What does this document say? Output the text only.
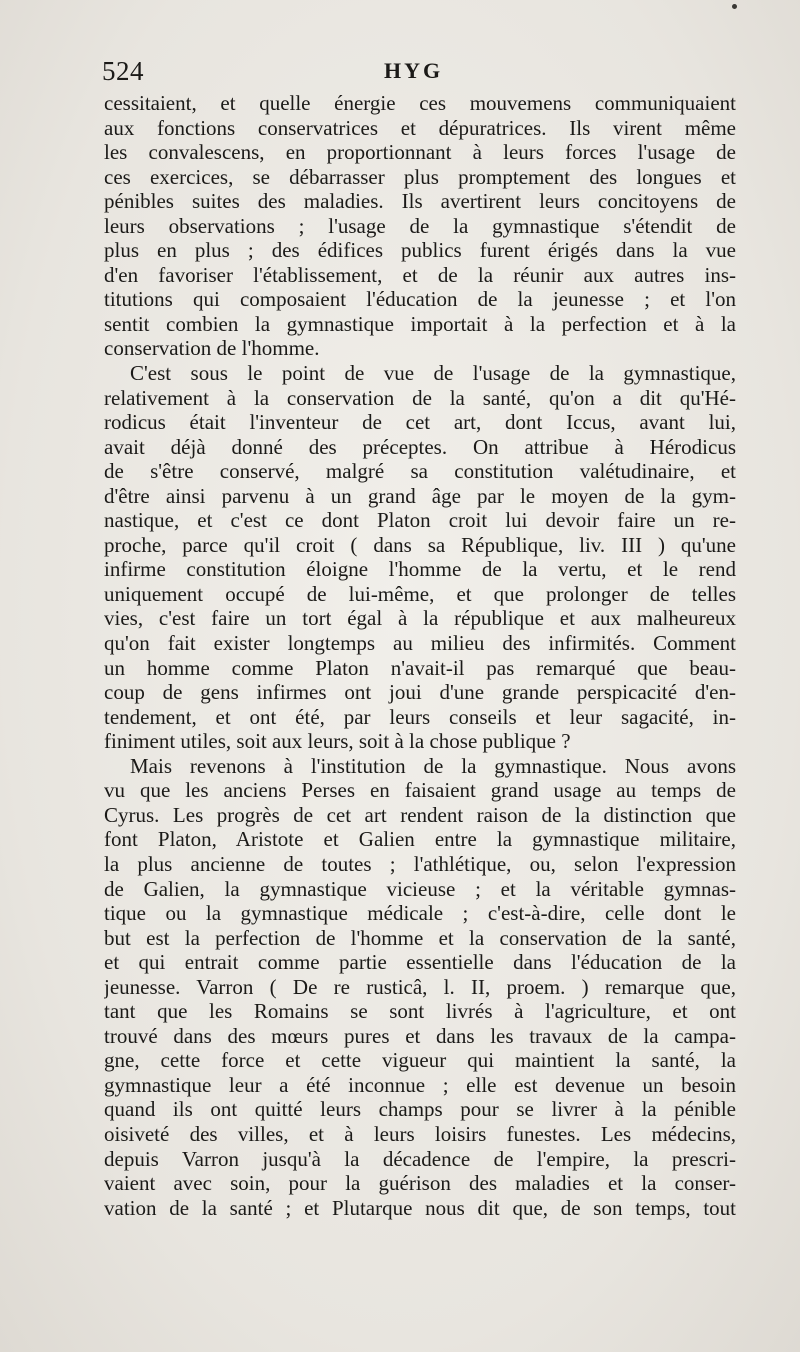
524	HYG
cessitaient, et quelle énergie ces mouvemens communiquaient
aux fonctions conservatrices et dépuratrices. Ils virent même
les convalescens, en proportionnant à leurs forces l'usage de
ces exercices, se débarrasser plus promptement des longues et
pénibles suites des maladies. Ils avertirent leurs concitoyens de
leurs observations ; l'usage de la gymnastique s'étendit de
plus en plus ; des édifices publics furent érigés dans la vue
d'en favoriser l'établissement, et de la réunir aux autres ins-
titutions qui composaient l'éducation de la jeunesse ; et l'on
sentit combien la gymnastique importait à la perfection et à la
conservation de l'homme.
C'est sous le point de vue de l'usage de la gymnastique,
relativement à la conservation de la santé, qu'on a dit qu'Hé-
rodicus était l'inventeur de cet art, dont Iccus, avant lui,
avait déjà donné des préceptes. On attribue à Hérodicus
de s'être conservé, malgré sa constitution valétudinaire, et
d'être ainsi parvenu à un grand âge par le moyen de la gym-
nastique, et c'est ce dont Platon croit lui devoir faire un re-
proche, parce qu'il croit ( dans sa République, liv. III ) qu'une
infirme constitution éloigne l'homme de la vertu, et le rend
uniquement occupé de lui-même, et que prolonger de telles
vies, c'est faire un tort égal à la république et aux malheureux
qu'on fait exister longtemps au milieu des infirmités. Comment
un homme comme Platon n'avait-il pas remarqué que beau-
coup de gens infirmes ont joui d'une grande perspicacité d'en-
tendement, et ont été, par leurs conseils et leur sagacité, in-
finiment utiles, soit aux leurs, soit à la chose publique ?
Mais revenons à l'institution de la gymnastique. Nous avons
vu que les anciens Perses en faisaient grand usage au temps de
Cyrus. Les progrès de cet art rendent raison de la distinction que
font Platon, Aristote et Galien entre la gymnastique militaire,
la plus ancienne de toutes ; l'athlétique, ou, selon l'expression
de Galien, la gymnastique vicieuse ; et la véritable gymnas-
tique ou la gymnastique médicale ; c'est-à-dire, celle dont le
but est la perfection de l'homme et la conservation de la santé,
et qui entrait comme partie essentielle dans l'éducation de la
jeunesse. Varron ( De re rusticâ, l. II, proem. ) remarque que,
tant que les Romains se sont livrés à l'agriculture, et ont
trouvé dans des mœurs pures et dans les travaux de la campa-
gne, cette force et cette vigueur qui maintient la santé, la
gymnastique leur a été inconnue ; elle est devenue un besoin
quand ils ont quitté leurs champs pour se livrer à la pénible
oisiveté des villes, et à leurs loisirs funestes. Les médecins,
depuis Varron jusqu'à la décadence de l'empire, la prescri-
vaient avec soin, pour la guérison des maladies et la conser-
vation de la santé ; et Plutarque nous dit que, de son temps, tout
